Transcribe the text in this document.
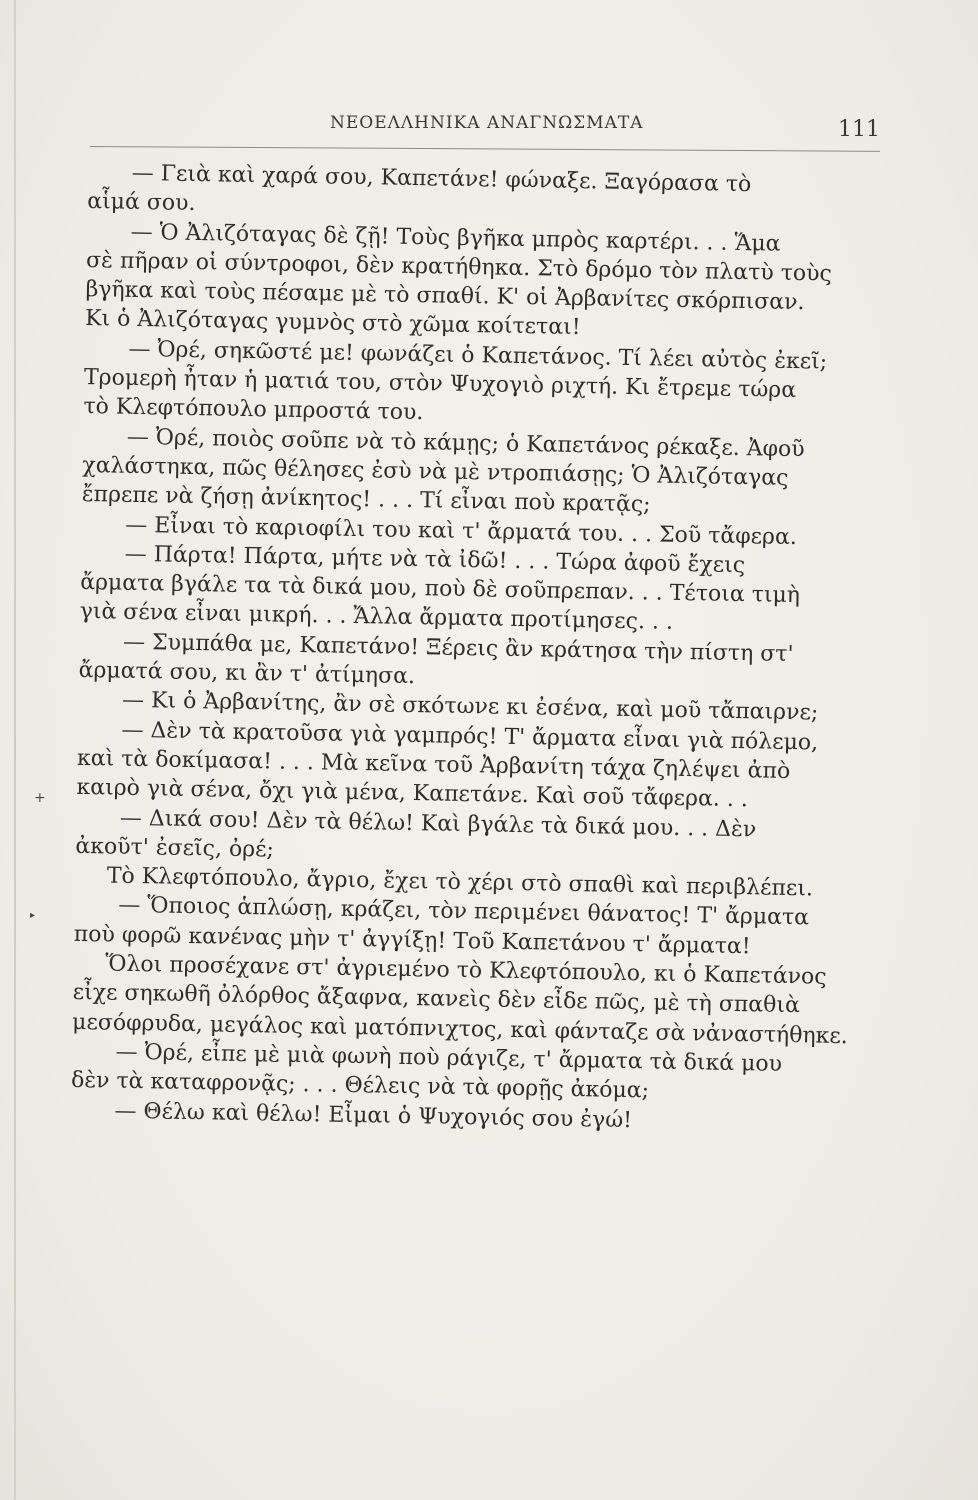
ΝΕΟΕΛΛΗΝΙΚΑ ΑΝΑΓΝΩΣΜΑΤΑ	111
+
▸
— Γειὰ καὶ χαρά σου, Καπετάνε! φώναξε. Ξαγόρασα τὸ
αἷμά σου.
— Ὁ Ἀλιζόταγας δὲ ζῇ! Τοὺς βγῆκα μπρὸς καρτέρι. . . Ἅμα
σὲ πῆραν οἱ σύντροφοι, δὲν κρατήθηκα. Στὸ δρόμο τὸν πλατὺ τοὺς
βγῆκα καὶ τοὺς πέσαμε μὲ τὸ σπαθί. Κ' οἱ Ἀρβανίτες σκόρπισαν.
Κι ὁ Ἀλιζόταγας γυμνὸς στὸ χῶμα κοίτεται!
— Ὀρέ, σηκῶστέ με! φωνάζει ὁ Καπετάνος. Τί λέει αὐτὸς ἐκεῖ;
Τρομερὴ ἦταν ἡ ματιά του, στὸν Ψυχογιὸ ριχτή. Κι ἔτρεμε τώρα
τὸ Κλεφτόπουλο μπροστά του.
— Ὀρέ, ποιὸς σοῦπε νὰ τὸ κάμῃς; ὁ Καπετάνος ρέκαξε. Ἀφοῦ
χαλάστηκα, πῶς θέλησες ἐσὺ νὰ μὲ ντροπιάσῃς; Ὁ Ἀλιζόταγας
ἔπρεπε νὰ ζήσῃ ἀνίκητος! . . . Τί εἶναι ποὺ κρατᾷς;
— Εἶναι τὸ καριοφίλι του καὶ τ' ἄρματά του. . . Σοῦ τἄφερα.
— Πάρτα! Πάρτα, μήτε νὰ τὰ ἰδῶ! . . . Τώρα ἀφοῦ ἔχεις
ἄρματα βγάλε τα τὰ δικά μου, ποὺ δὲ σοῦπρεπαν. . . Τέτοια τιμὴ
γιὰ σένα εἶναι μικρή. . . Ἄλλα ἄρματα προτίμησες. . .
— Συμπάθα με, Καπετάνο! Ξέρεις ἂν κράτησα τὴν πίστη στ'
ἄρματά σου, κι ἂν τ' ἀτίμησα.
— Κι ὁ Ἀρβανίτης, ἂν σὲ σκότωνε κι ἐσένα, καὶ μοῦ τἄπαιρνε;
— Δὲν τὰ κρατοῦσα γιὰ γαμπρός! Τ' ἄρματα εἶναι γιὰ πόλεμο,
καὶ τὰ δοκίμασα! . . . Μὰ κεῖνα τοῦ Ἀρβανίτη τάχα ζηλέψει ἀπὸ
καιρὸ γιὰ σένα, ὄχι γιὰ μένα, Καπετάνε. Καὶ σοῦ τἄφερα. . .
— Δικά σου! Δὲν τὰ θέλω! Καὶ βγάλε τὰ δικά μου. . . Δὲν
ἀκοῦτ' ἐσεῖς, ὀρέ;
Τὸ Κλεφτόπουλο, ἄγριο, ἔχει τὸ χέρι στὸ σπαθὶ καὶ περιβλέπει.
— Ὅποιος ἁπλώσῃ, κράζει, τὸν περιμένει θάνατος! Τ' ἄρματα
ποὺ φορῶ κανένας μὴν τ' ἀγγίξῃ! Τοῦ Καπετάνου τ' ἄρματα!
Ὅλοι προσέχανε στ' ἀγριεμένο τὸ Κλεφτόπουλο, κι ὁ Καπετάνος
εἶχε σηκωθῆ ὀλόρθος ἄξαφνα, κανεὶς δὲν εἶδε πῶς, μὲ τὴ σπαθιὰ
μεσόφρυδα, μεγάλος καὶ ματόπνιχτος, καὶ φάνταζε σὰ νἀναστήθηκε.
— Ὀρέ, εἶπε μὲ μιὰ φωνὴ ποὺ ράγιζε, τ' ἄρματα τὰ δικά μου
δὲν τὰ καταφρονᾷς; . . . Θέλεις νὰ τὰ φορῇς ἀκόμα;
— Θέλω καὶ θέλω! Εἶμαι ὁ Ψυχογιός σου ἐγώ!
